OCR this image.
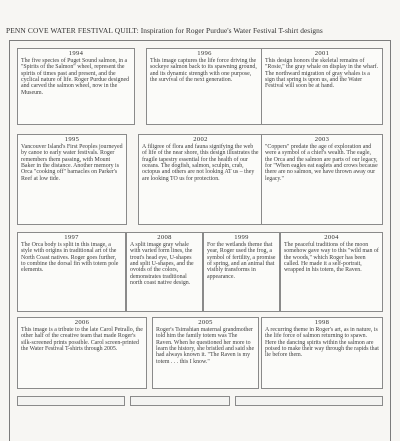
PENN COVE WATER FESTIVAL QUILT: Inspiration for Roger Purdue's Water Festival T-shirt designs
1994
The five species of Puget Sound salmon, in a "Spirits of the Salmon" wheel, represent the spirits of times past and present, and the cyclical nature of life. Roger Purdue designed and carved the salmon wheel, now in the Museum.
1996
This image captures the life force driving the sockeye salmon back to its spawning ground, and its dynamic strength with one purpose, the survival of the next generation.
2001
This design honors the skeletal remains of "Rosie," the gray whale on display in the wharf. The northward migration of gray whales is a sign that spring is upon us, and the Water Festival will soon be at hand.
1995
Vancouver Island's First Peoples journeyed by canoe to early water festivals. Roger remembers them passing, with Mount Baker in the distance. Another memory is Orca "cooking off" barnacles on Parker's Reef at low tide.
2002
A filigree of flora and fauna signifying the web of life of the near shore, this design illustrates the fragile tapestry essential for the health of our oceans. The dogfish, salmon, sculpin, crab, octopus and others are not looking AT us – they are looking TO us for protection.
2003
"Coppers" predate the age of exploration and were a symbol of a chief's wealth. The eagle, the Orca and the salmon are parts of our legacy, for "When eagles eat eaglets and crows because there are no salmon, we have thrown away our legacy."
1997
The Orca body is split in this image, a style with origins in traditional art of the North Coast natives. Roger goes further, to combine the dorsal fin with totem pole elements.
2008
A split image gray whale with varied form lines, the trout's head eye, U-shapes and split U-shapes, and the ovoids of the colors, demonstrates traditional north coast native design.
1999
For the wetlands theme that year, Roger used the frog, a symbol of fertility, a promise of spring, and an animal that visibly transforms in appearance.
2004
The peaceful traditions of the moon somehow gave way to this "wild man of the woods," which Roger has been called. He made it a self-portrait, wrapped in his totem, the Raven.
2006
This image is a tribute to the late Carol Petrallo, the other half of the creative team that made Roger's silk-screened prints possible. Carol screen-printed the Water Festival T-shirts through 2005.
2005
Roger's Tsimshian maternal grandmother told him the family totem was The Raven. When he questioned her more to learn the history, she bristled and said she had always known it. "The Raven is my totem . . . this I know."
1998
A recurring theme in Roger's art, as in nature, is the life force of salmon returning to spawn. Here the dancing spirits within the salmon are poised to make their way through the rapids that lie before them.
